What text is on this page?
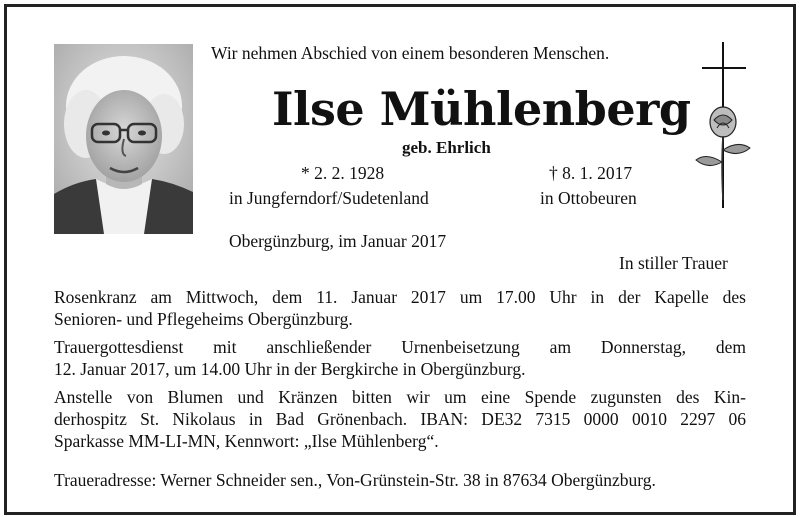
Wir nehmen Abschied von einem besonderen Menschen.
Ilse Mühlenberg
geb. Ehrlich
* 2. 2. 1928
in Jungferndorf/Sudetenland
† 8. 1. 2017
in Ottobeuren
Obergünzburg, im Januar 2017
In stiller Trauer
Rosenkranz am Mittwoch, dem 11. Januar 2017 um 17.00 Uhr in der Kapelle des
Senioren- und Pflegeheims Obergünzburg.
Trauergottesdienst mit anschließender Urnenbeisetzung am Donnerstag, dem
12. Januar 2017, um 14.00 Uhr in der Bergkirche in Obergünzburg.
Anstelle von Blumen und Kränzen bitten wir um eine Spende zugunsten des Kin-
derhospitz St. Nikolaus in Bad Grönenbach. IBAN: DE32 7315 0000 0010 2297 06
Sparkasse MM-LI-MN, Kennwort: „Ilse Mühlenberg“.
Traueradresse: Werner Schneider sen., Von-Grünstein-Str. 38 in 87634 Obergünzburg.
